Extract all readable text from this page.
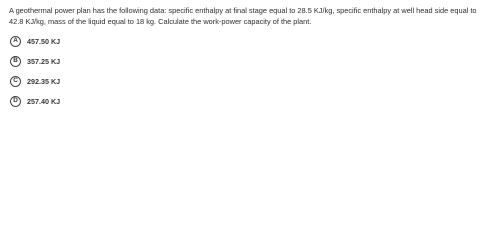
A geothermal power plan has the following data: specific enthalpy at final stage equal to 28.5 KJ/kg, specific enthalpy at well head side equal to 42.8 KJ/kg, mass of the liquid equal to 18 kg. Calculate the work-power capacity of the plant.

A	457.50 KJ
B	357.25 KJ
C	292.35 KJ
D	257.40 KJ
